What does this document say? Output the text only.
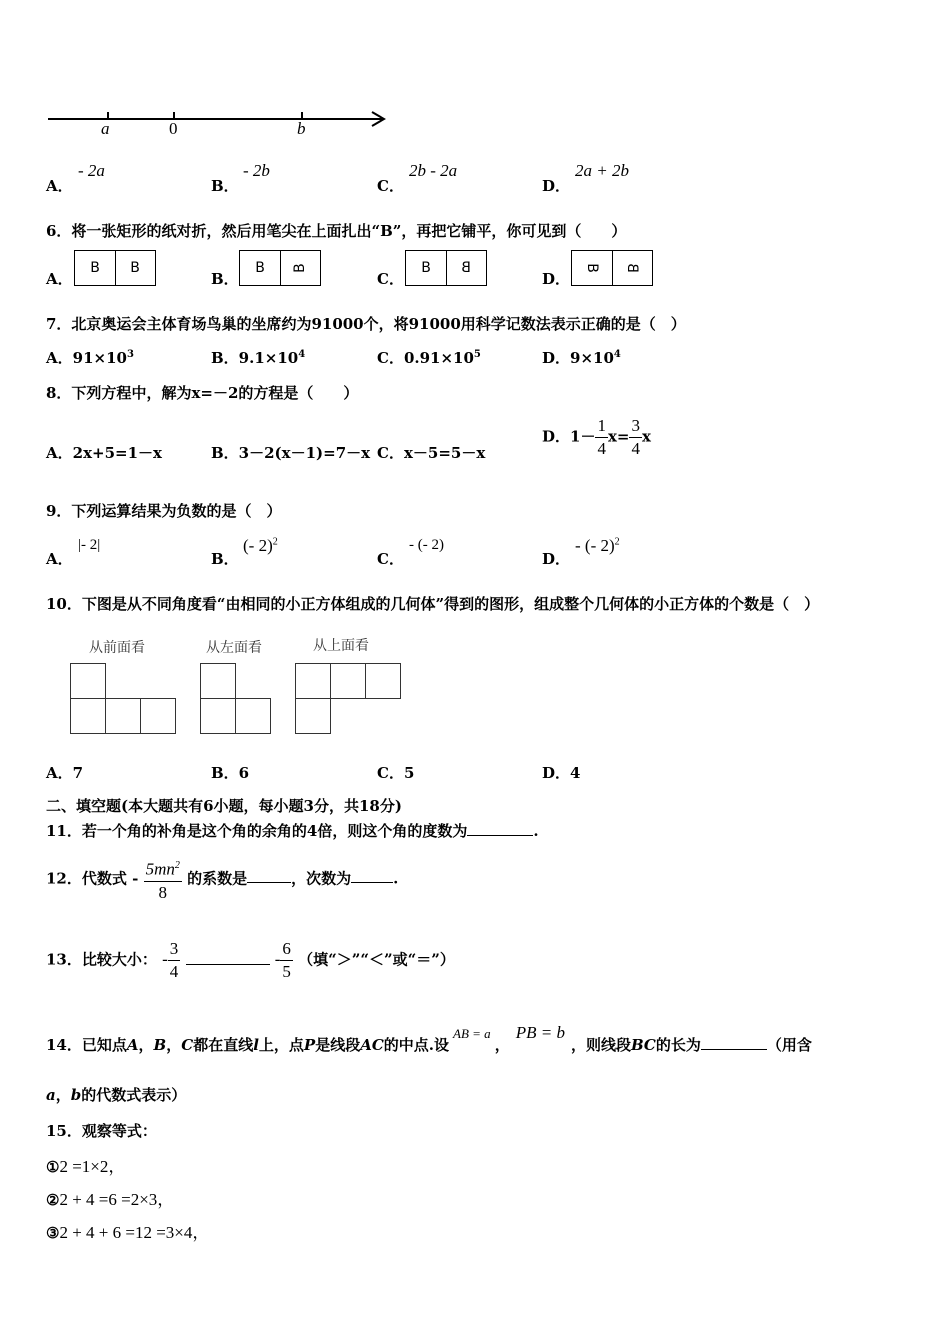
a	0	b
A．
- 2a
B．
- 2b
C．
2b - 2a
D．
2a + 2b
6．将一张矩形的纸对折，然后用笔尖在上面扎出“B”，再把它铺平，你可见到（　　）
A．
B	B
B．
B	B
C．
B	B
D．
B	B
7．北京奥运会主体育场鸟巢的坐席约为91000个，将91000用科学记数法表示正确的是（　）
A．$91\times 10^3$	B．$9.1\times 10^4$	C．$0.91\times 10^5$	D．$9\times 10^4$
8．下列方程中，解为x=－2的方程是（　　）
A．2x+5=1－x	B．3－2(x－1)=7－x C．x－5=5－x
D．$1- \frac{1}{4} x= \frac{3}{4}$ x
9．下列运算结果为负数的是（　）
A．
|- 2|
B．
(- 2)$^2$
C．
- (- 2)
D．
- (- 2)$^2$
10．下图是从不同角度看“由相同的小正方体组成的几何体”得到的图形，组成整个几何体的小正方体的个数是（　）
从前面看	从左面看	从上面看
A．7	B．6	C．5	D．4
二、填空题(本大题共有6小题，每小题3分，共18分)
11．若一个角的补角是这个角的余角的4倍，则这个角的度数为	.
12．代数式 - $\frac{5mn^2}{8}$ 的系数是	，次数为	.
13．比较大小： - $\frac{3}{4}$	- $\frac{6}{5}$ （填“＞”“＜”或“＝”）
14．已知点A，B，C都在直线l上，点P是线段AC的中点.设AB = a，PB = b，则线段BC的长为	（用含
a，b的代数式表示）
15．观察等式：
①2 =1×2，
②2 + 4 =6 =2×3，
③2 + 4 + 6 =12 =3×4，
